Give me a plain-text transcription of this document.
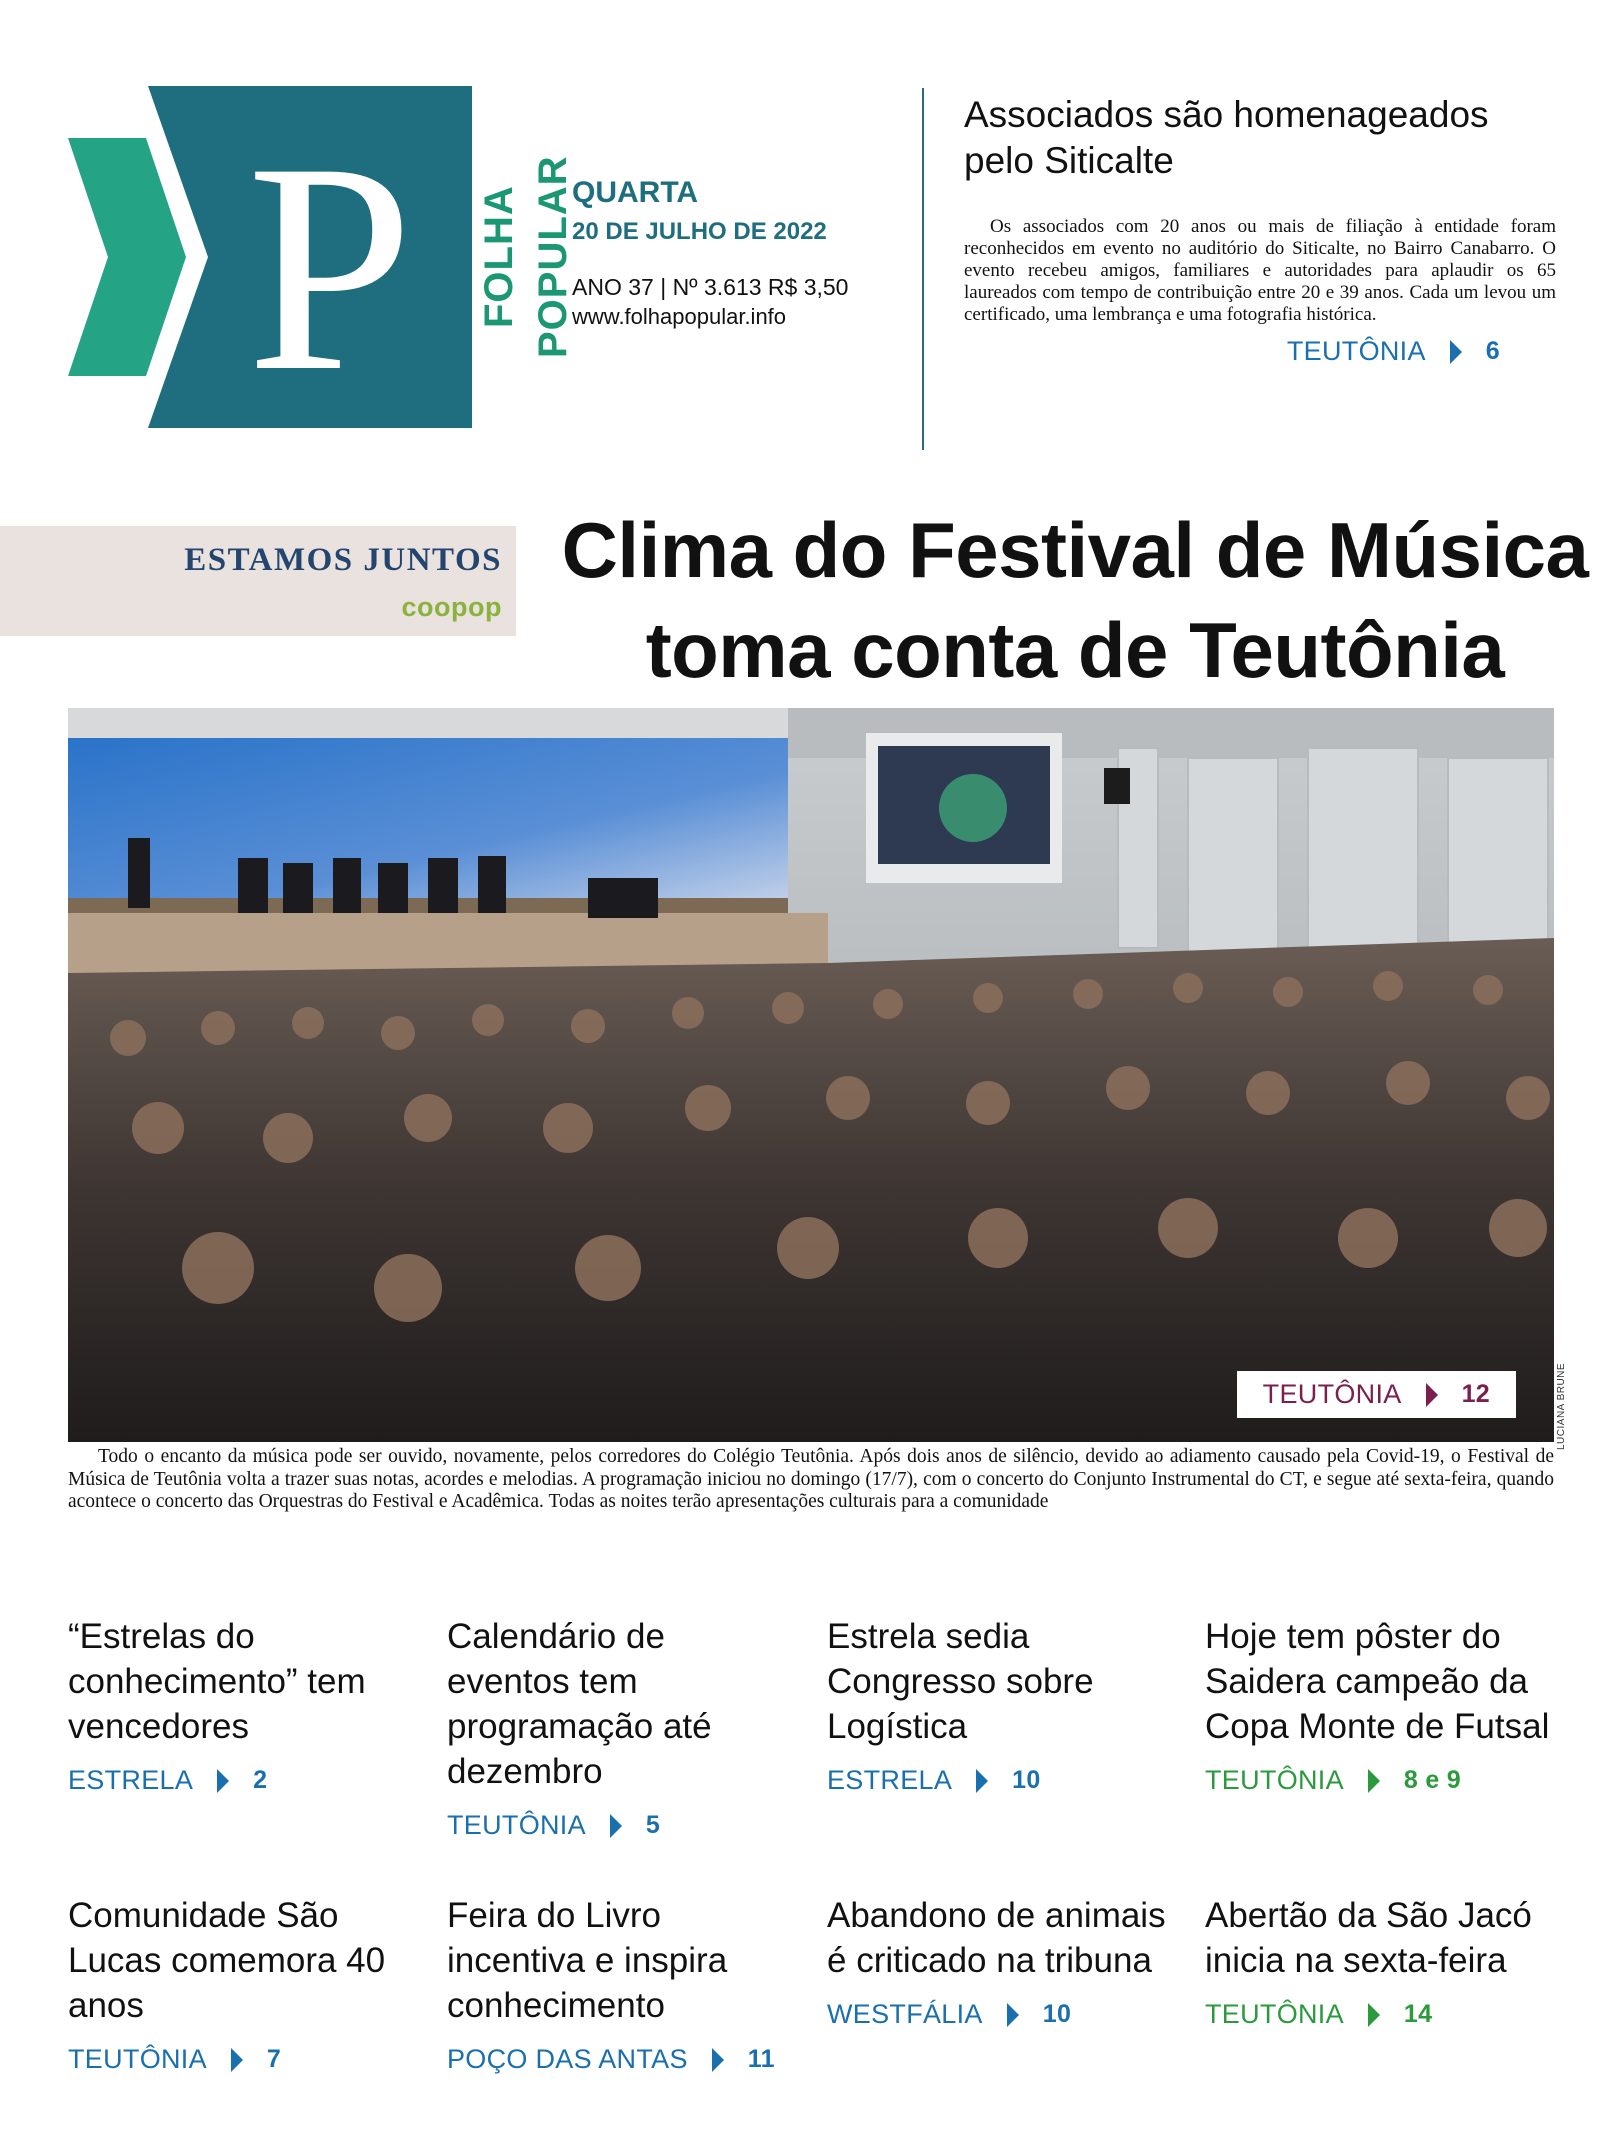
P FOLHA POPULAR
QUARTA
20 DE JULHO DE 2022
ANO 37 | Nº 3.613 R$ 3,50
www.folhapopular.info
Associados são homenageados pelo Siticalte

Os associados com 20 anos ou mais de filiação à entidade foram reconhecidos em evento no auditório do Siticalte, no Bairro Canabarro. O evento recebeu amigos, familiares e autoridades para aplaudir os 65 laureados com tempo de contribuição entre 20 e 39 anos. Cada um levou um certificado, uma lembrança e uma fotografia histórica.

TEUTÔNIA 6
ESTAMOS JUNTOS
coopop
Clima do Festival de Música
toma conta de Teutônia
TEUTÔNIA 12	LUCIANA BRUNE

Todo o encanto da música pode ser ouvido, novamente, pelos corredores do Colégio Teutônia. Após dois anos de silêncio, devido ao adiamento causado pela Covid-19, o Festival de Música de Teutônia volta a trazer suas notas, acordes e melodias. A programação iniciou no domingo (17/7), com o concerto do Conjunto Instrumental do CT, e segue até sexta-feira, quando acontece o concerto das Orquestras do Festival e Acadêmica. Todas as noites terão apresentações culturais para a comunidade

“Estrelas do conhecimento” tem vencedores
ESTRELA 2
Calendário de eventos tem programação até dezembro
TEUTÔNIA 5
Estrela sedia Congresso sobre Logística
ESTRELA 10
Hoje tem pôster do Saidera campeão da Copa Monte de Futsal
TEUTÔNIA 8 e 9
Comunidade São Lucas comemora 40 anos
TEUTÔNIA 7
Feira do Livro incentiva e inspira conhecimento
POÇO DAS ANTAS 11
Abandono de animais é criticado na tribuna
WESTFÁLIA 10
Abertão da São Jacó inicia na sexta-feira
TEUTÔNIA 14
